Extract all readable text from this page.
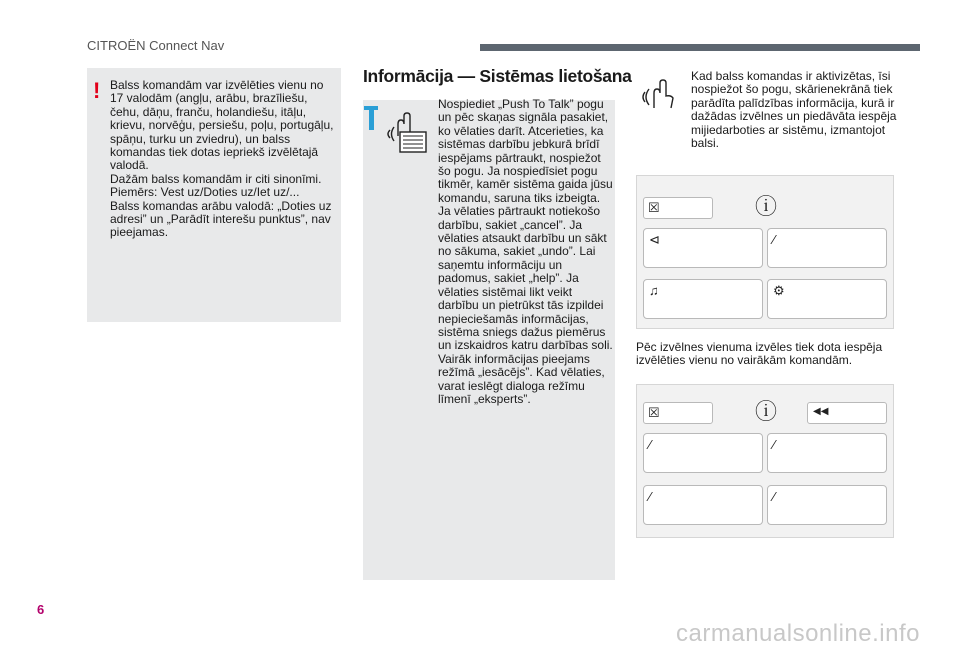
CITROËN Connect Nav
! Balss komandām var izvēlēties vienu no 17 valodām (angļu, arābu, brazīliešu, čehu, dāņu, franču, holandiešu, itāļu, krievu, norvēģu, persiešu, poļu, portugāļu, spāņu, turku un zviedru), un balss komandas tiek dotas iepriekš izvēlētajā valodā.

Dažām balss komandām ir citi sinonīmi.

Piemērs: Vest uz/Doties uz/Iet uz/...

Balss komandas arābu valodā: „Doties uz adresi” un „Parādīt interešu punktus”, nav pieejamas.

Informācija — Sistēmas lietošana
Nospiediet „Push To Talk” pogu un pēc skaņas signāla pasakiet, ko vēlaties darīt. Atcerieties, ka sistēmas darbību jebkurā brīdī iespējams pārtraukt, nospiežot šo pogu. Ja nospiedīsiet pogu tikmēr, kamēr sistēma gaida jūsu komandu, saruna tiks izbeigta. Ja vēlaties pārtraukt notiekošo darbību, sakiet „cancel”. Ja vēlaties atsaukt darbību un sākt no sākuma, sakiet „undo”. Lai saņemtu informāciju un padomus, sakiet „help”. Ja vēlaties sistēmai likt veikt darbību un pietrūkst tās izpildei nepieciešamās informācijas, sistēma sniegs dažus piemērus un izskaidros katru darbības soli. Vairāk informācijas pieejams režīmā „iesācējs”. Kad vēlaties, varat ieslēgt dialoga režīmu līmenī „eksperts”.
Kad balss komandas ir aktivizētas, īsi nospiežot šo pogu, skārienekrānā tiek parādīta palīdzības informācija, kurā ir dažādas izvēlnes un piedāvāta iespēja mijiedarboties ar sistēmu, izmantojot balsi.
☒	ⓘ
⊲	∕
♫	⚙
Pēc izvēlnes vienuma izvēles tiek dota iespēja izvēlēties vienu no vairākām komandām.
☒	ⓘ	◀◀
∕	∕
∕	∕
6
carmanualsonline.info
